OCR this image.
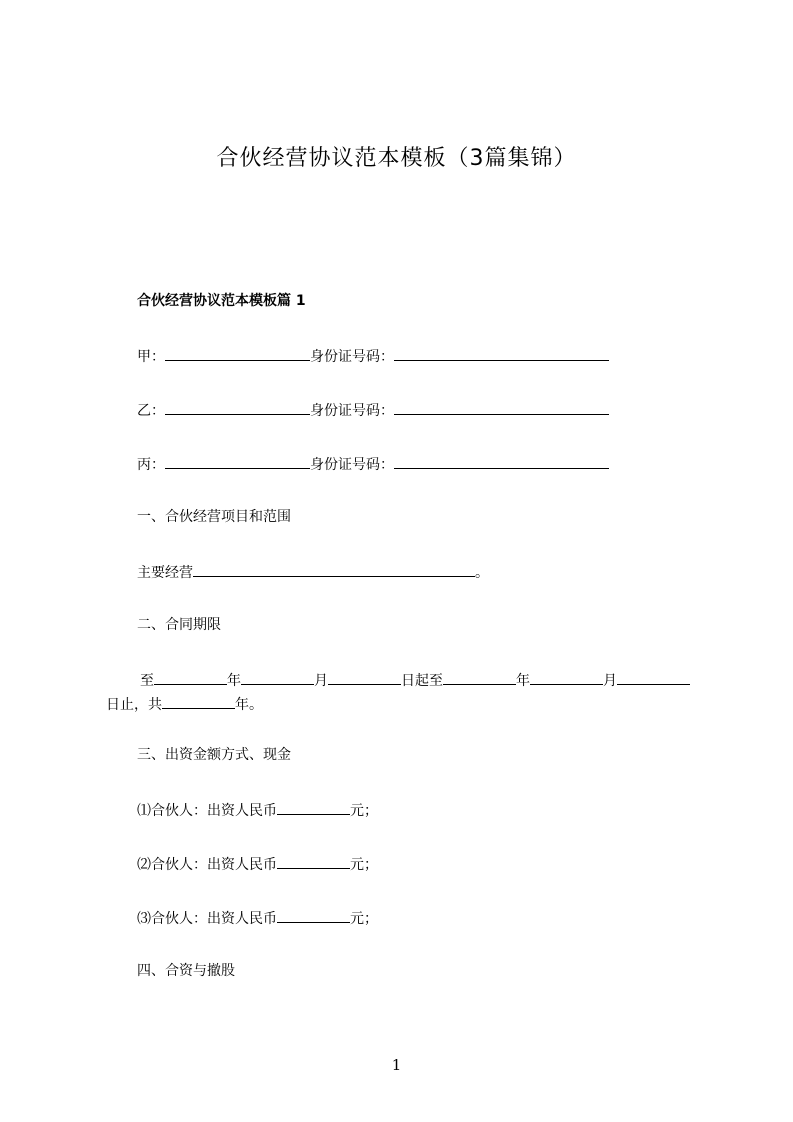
合伙经营协议范本模板（3篇集锦）
合伙经营协议范本模板篇 1
甲：	身份证号码：
乙：	身份证号码：
丙：	身份证号码：
一、合伙经营项目和范围
主要经营	。
二、合同期限
至	年	月	日起至	年	月
日止，共	年。
三、出资金额方式、现金
⑴合伙人：出资人民币	元；
⑵合伙人：出资人民币	元；
⑶合伙人：出资人民币	元；
四、合资与撤股
1
